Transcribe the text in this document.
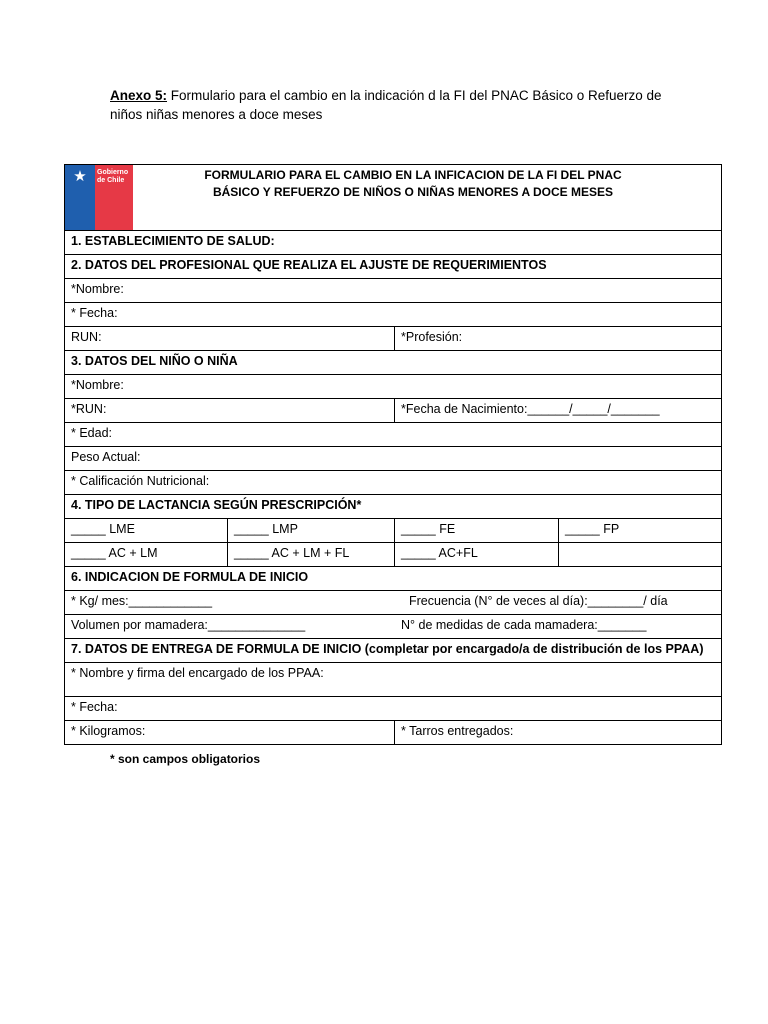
Anexo 5: Formulario para el cambio en la indicación d la FI del PNAC Básico o Refuerzo de niños niñas menores a doce meses
★	Gobierno
de Chile	FORMULARIO PARA EL CAMBIO EN LA INFICACION DE LA FI DEL PNAC
BÁSICO Y REFUERZO DE NIÑOS O NIÑAS MENORES A DOCE MESES
1. ESTABLECIMIENTO DE SALUD:
2. DATOS DEL PROFESIONAL QUE REALIZA EL AJUSTE DE REQUERIMIENTOS
*Nombre:
* Fecha:
RUN:	*Profesión:
3. DATOS DEL NIÑO O NIÑA
*Nombre:
*RUN:	*Fecha de Nacimiento:______/_____/_______
* Edad:
Peso Actual:
* Calificación Nutricional:
4. TIPO DE LACTANCIA SEGÚN PRESCRIPCIÓN*
_____ LME	_____ LMP	_____ FE	_____ FP
_____ AC + LM	_____ AC + LM + FL	_____ AC+FL
6. INDICACION DE FORMULA DE INICIO
* Kg/ mes:____________	Frecuencia (N° de veces al día):________/ día
Volumen por mamadera:______________	N° de medidas de cada mamadera:_______
7. DATOS DE ENTREGA DE FORMULA DE INICIO (completar por encargado/a de distribución de los PPAA)
* Nombre y firma del encargado de los PPAA:
* Fecha:
* Kilogramos:	* Tarros entregados:
* son campos obligatorios
